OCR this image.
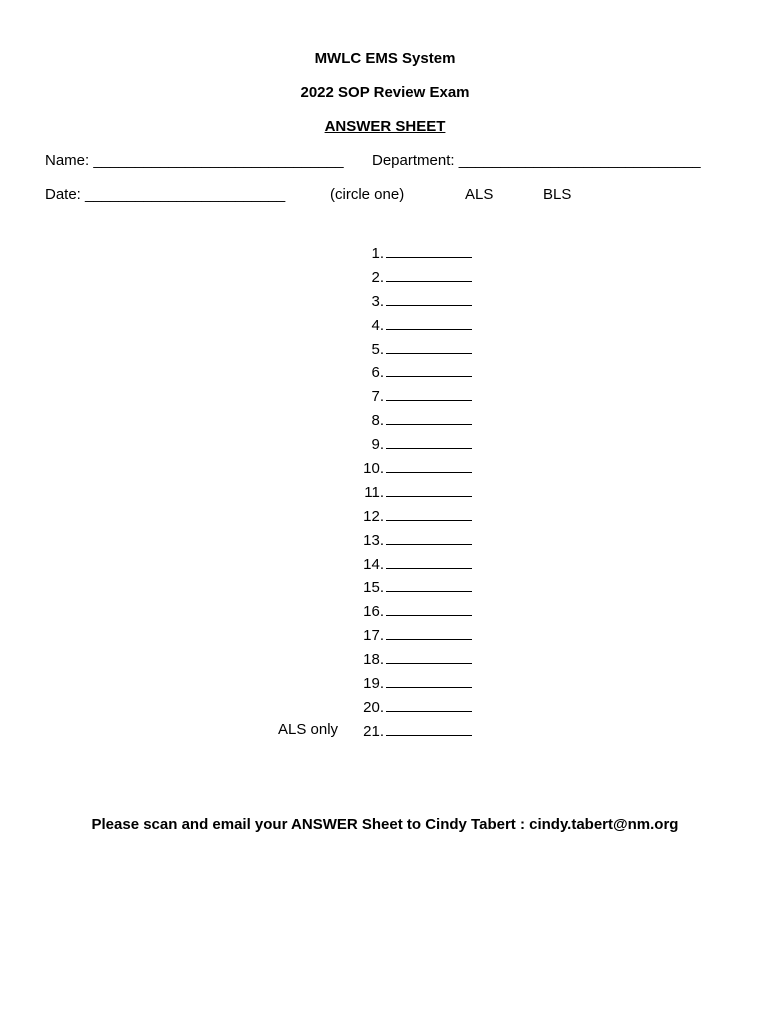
MWLC EMS System
2022 SOP Review Exam
ANSWER SHEET
Name: ______________________________ Department: _____________________________
Date: ________________________	(circle one)	ALS	BLS
1.
2.
3.
4.
5.
6.
7.
8.
9.
10.
11.
12.
13.
14.
15.
16.
17.
18.
19.
20.
21.
ALS only
Please scan and email your ANSWER Sheet to Cindy Tabert : cindy.tabert@nm.org
